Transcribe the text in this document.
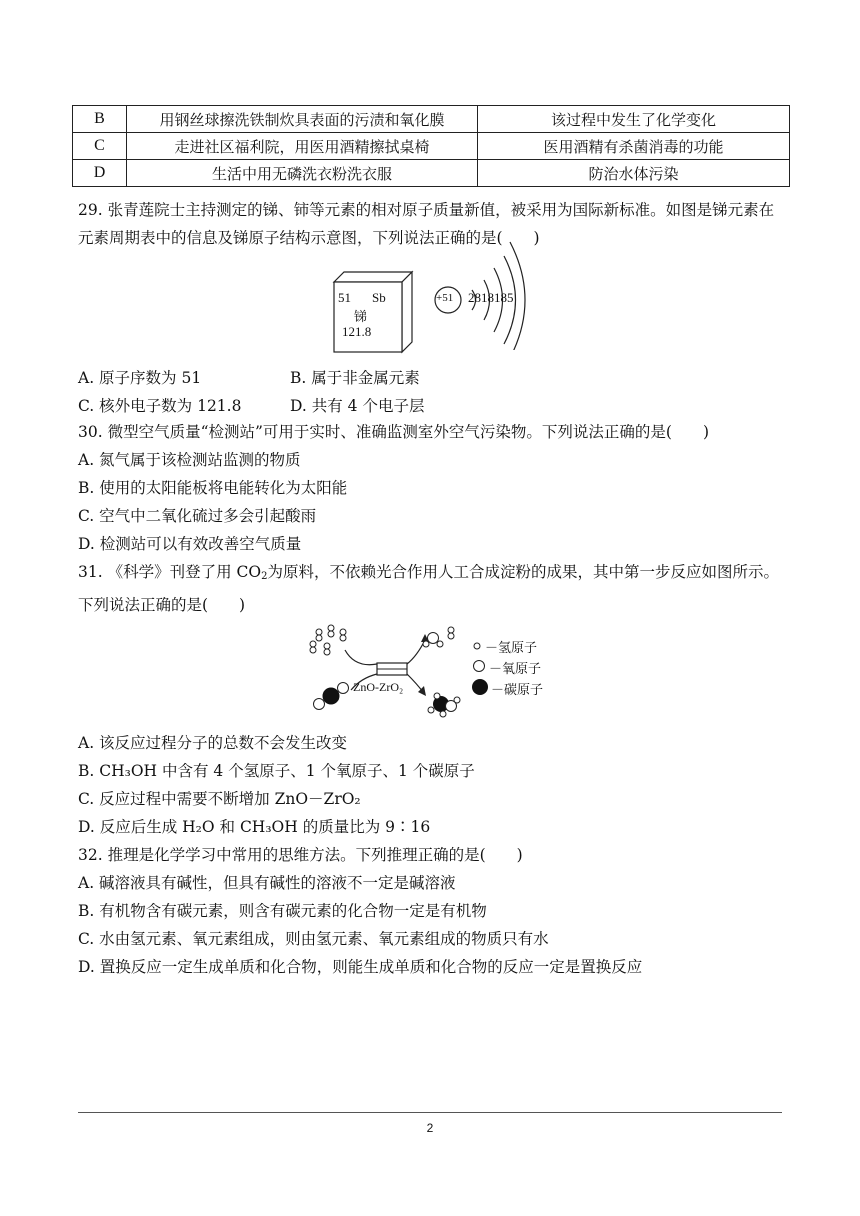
B	用钢丝球擦洗铁制炊具表面的污渍和氧化膜	该过程中发生了化学变化
C	走进社区福利院，用医用酒精擦拭桌椅	医用酒精有杀菌消毒的功能
D	生活中用无磷洗衣粉洗衣服	防治水体污染
29. 张青莲院士主持测定的锑、铈等元素的相对原子质量新值，被采用为国际新标准。如图是锑元素在元素周期表中的信息及锑原子结构示意图，下列说法正确的是(　　)
51 Sb
锑
121.8
+51 2818185
A. 原子序数为 51	B. 属于非金属元素
C. 核外电子数为 121.8	D. 共有 4 个电子层
30. 微型空气质量“检测站”可用于实时、准确监测室外空气污染物。下列说法正确的是(　　)
A. 氮气属于该检测站监测的物质
B. 使用的太阳能板将电能转化为太阳能
C. 空气中二氧化硫过多会引起酸雨
D. 检测站可以有效改善空气质量
31. 《科学》刊登了用 $CO_2$为原料，不依赖光合作用人工合成淀粉的成果，其中第一步反应如图所示。下列说法正确的是(　　)
ZnO-ZrO₂
－氢原子
－氧原子
－碳原子
A. 该反应过程分子的总数不会发生改变
B. CH₃OH 中含有 4 个氢原子、1 个氧原子、1 个碳原子
C. 反应过程中需要不断增加 ZnO－ZrO₂
D. 反应后生成 H₂O 和 CH₃OH 的质量比为 9∶16
32. 推理是化学学习中常用的思维方法。下列推理正确的是(　　)
A. 碱溶液具有碱性，但具有碱性的溶液不一定是碱溶液
B. 有机物含有碳元素，则含有碳元素的化合物一定是有机物
C. 水由氢元素、氧元素组成，则由氢元素、氧元素组成的物质只有水
D. 置换反应一定生成单质和化合物，则能生成单质和化合物的反应一定是置换反应
2
